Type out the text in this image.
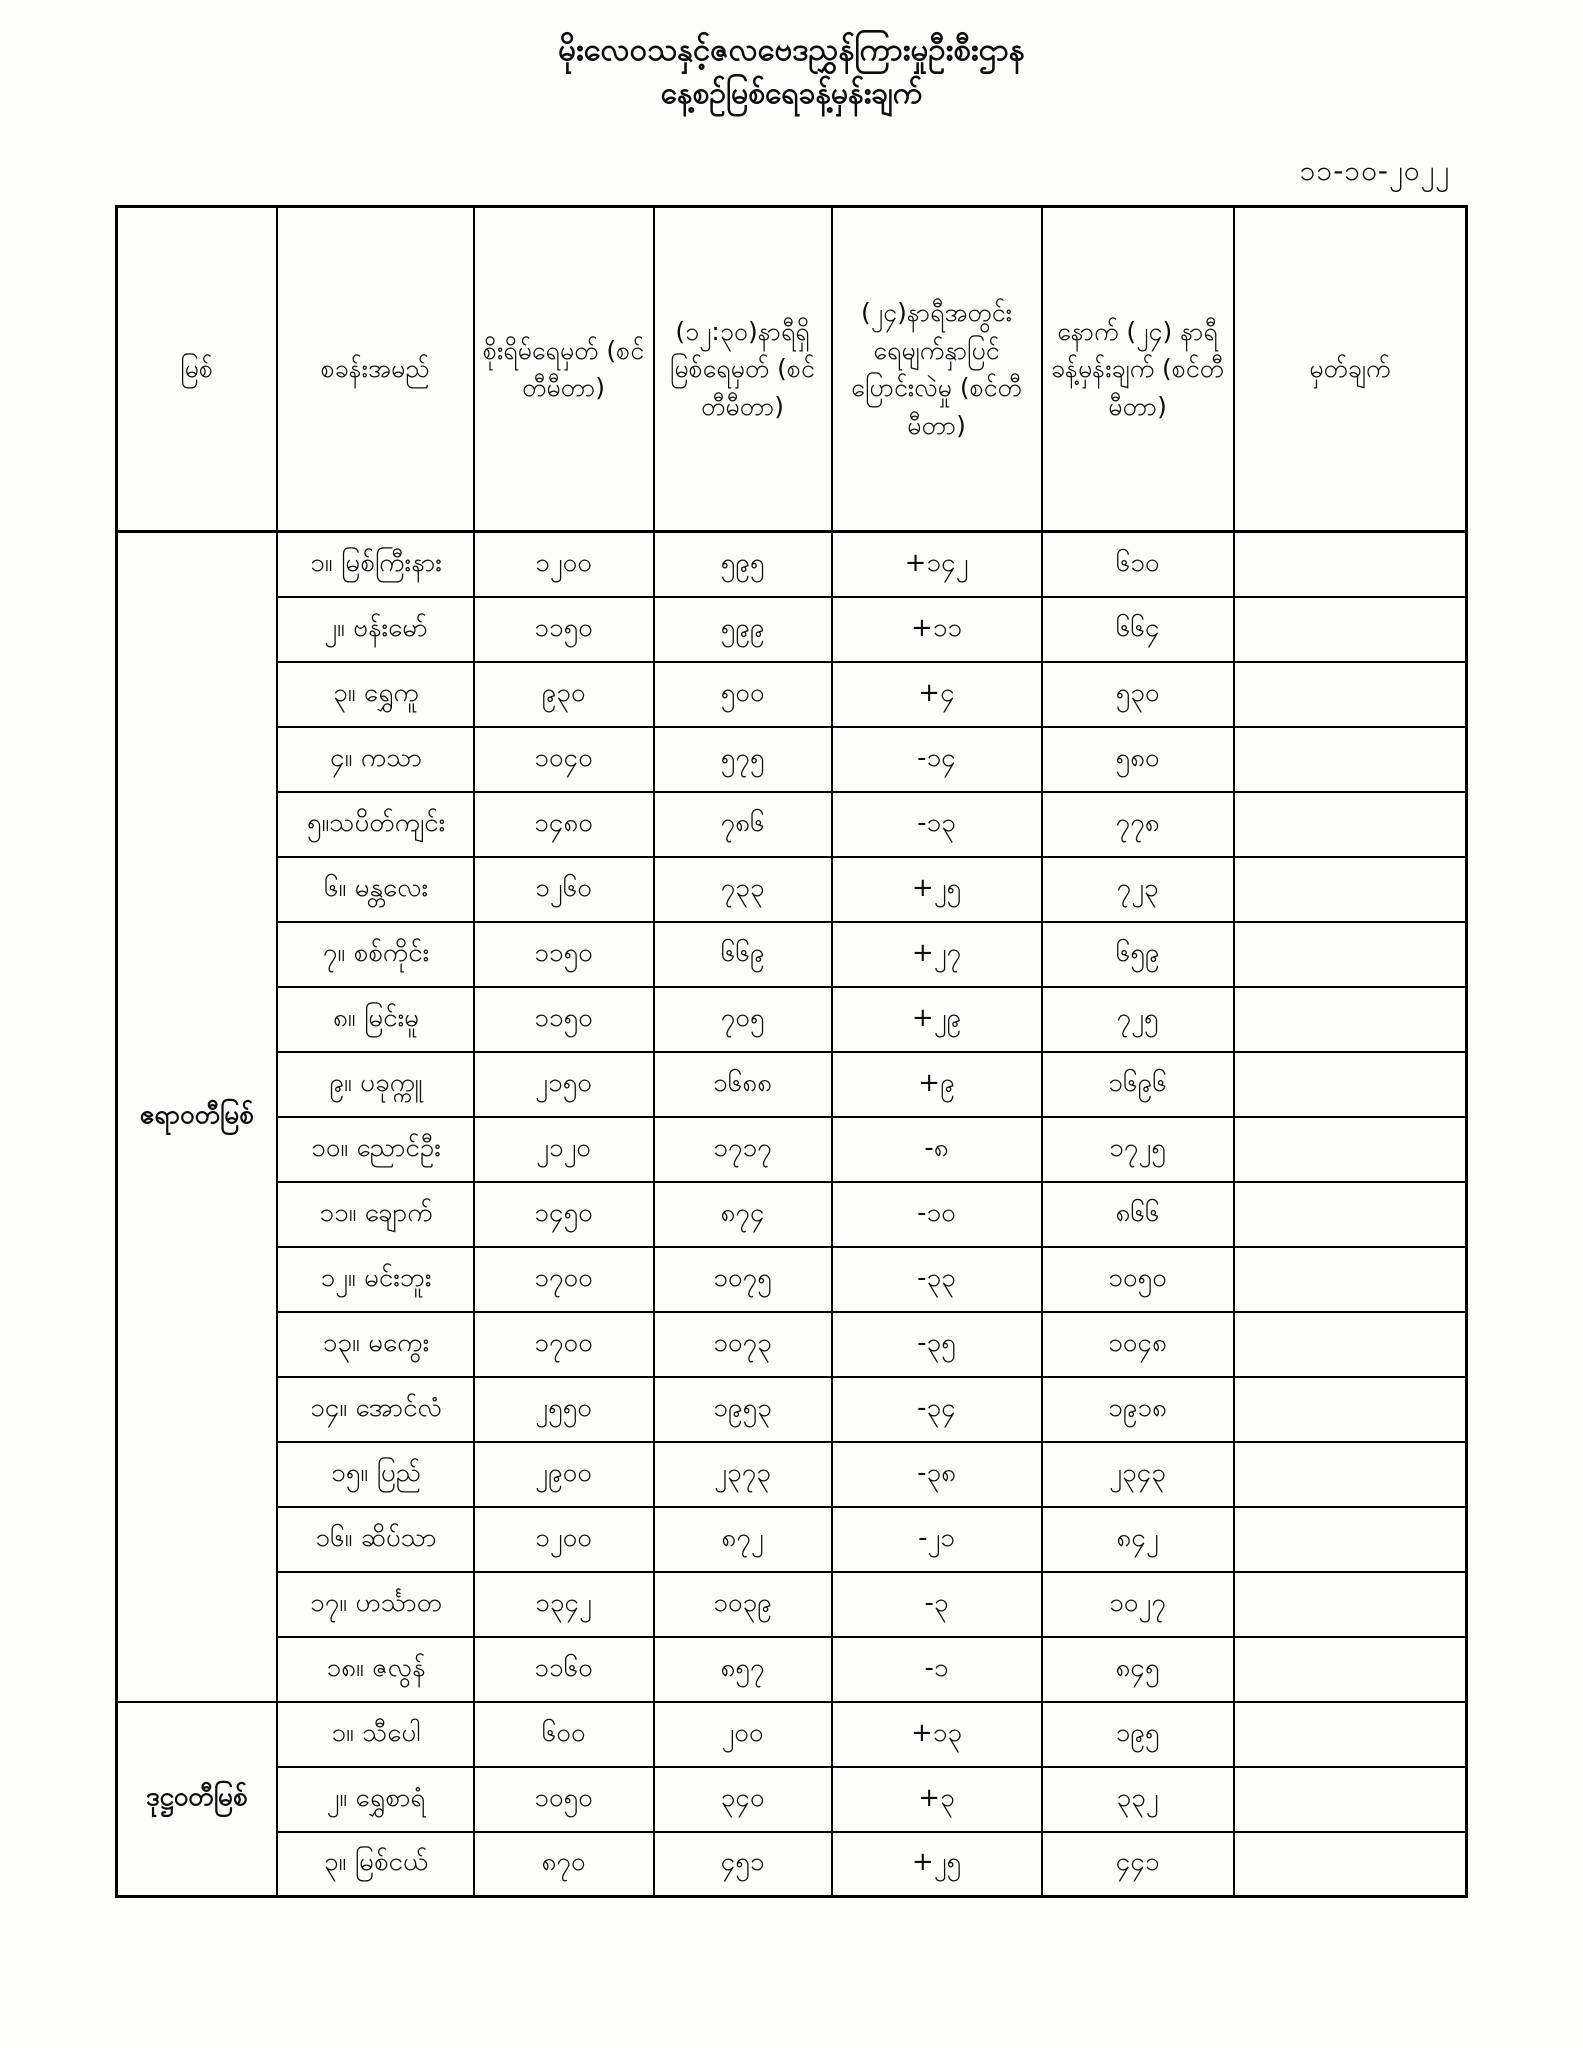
မိုးလေဝသနှင့်ဇလဗေဒညွှန်ကြားမှုဦးစီးဌာန
နေ့စဉ်မြစ်ရေခန့်မှန်းချက်
၁၁-၁၀-၂၀၂၂
မြစ်	စခန်းအမည်	စိုးရိမ်ရေမှတ် (စင်တီမီတာ)	(၁၂:၃၀)နာရီရှိ မြစ်ရေမှတ် (စင်တီမီတာ)	(၂၄)နာရီအတွင်း ရေမျက်နှာပြင် ပြောင်းလဲမှု (စင်တီမီတာ)	နောက် (၂၄) နာရီ ခန့်မှန်းချက် (စင်တီမီတာ)	မှတ်ချက်
ဧရာဝတီမြစ်	၁။ မြစ်ကြီးနား	၁၂၀၀	၅၉၅	+၁၄၂	၆၁၀	
	၂။ ဗန်းမော်	၁၁၅၀	၅၉၉	+၁၁	၆၆၄	
	၃။ ရွှေကူ	၉၃၀	၅၀၀	+၄	၅၃၀	
	၄။ ကသာ	၁၀၄၀	၅၇၅	-၁၄	၅၈၀	
	၅။သပိတ်ကျင်း	၁၄၈၀	၇၈၆	-၁၃	၇၇၈	
	၆။ မန္တလေး	၁၂၆၀	၇၃၃	+၂၅	၇၂၃	
	၇။ စစ်ကိုင်း	၁၁၅၀	၆၆၉	+၂၇	၆၅၉	
	၈။ မြင်းမူ	၁၁၅၀	၇၀၅	+၂၉	၇၂၅	
	၉။ ပခုက္ကူ	၂၁၅၀	၁၆၈၈	+၉	၁၆၉၆	
	၁၀။ ညောင်ဦး	၂၁၂၀	၁၇၁၇	-၈	၁၇၂၅	
	၁၁။ ချောက်	၁၄၅၀	၈၇၄	-၁၀	၈၆၆	
	၁၂။ မင်းဘူး	၁၇၀၀	၁၀၇၅	-၃၃	၁၀၅၀	
	၁၃။ မကွေး	၁၇၀၀	၁၀၇၃	-၃၅	၁၀၄၈	
	၁၄။ အောင်လံ	၂၅၅၀	၁၉၅၃	-၃၄	၁၉၁၈	
	၁၅။ ပြည်	၂၉၀၀	၂၃၇၃	-၃၈	၂၃၄၃	
	၁၆။ ဆိပ်သာ	၁၂၀၀	၈၇၂	-၂၁	၈၄၂	
	၁၇။ ဟင်္သာတ	၁၃၄၂	၁၀၃၉	-၃	၁၀၂၇	
	၁၈။ ဇလွန်	၁၁၆၀	၈၅၇	-၁	၈၄၅	
ဒုဋ္ဌဝတီမြစ်	၁။ သီပေါ	၆၀၀	၂၀၀	+၁၃	၁၉၅	
	၂။ ရွှေစာရံ	၁၀၅၀	၃၄၀	+၃	၃၃၂	
	၃။ မြစ်ငယ်	၈၇၀	၄၅၁	+၂၅	၄၄၁	
